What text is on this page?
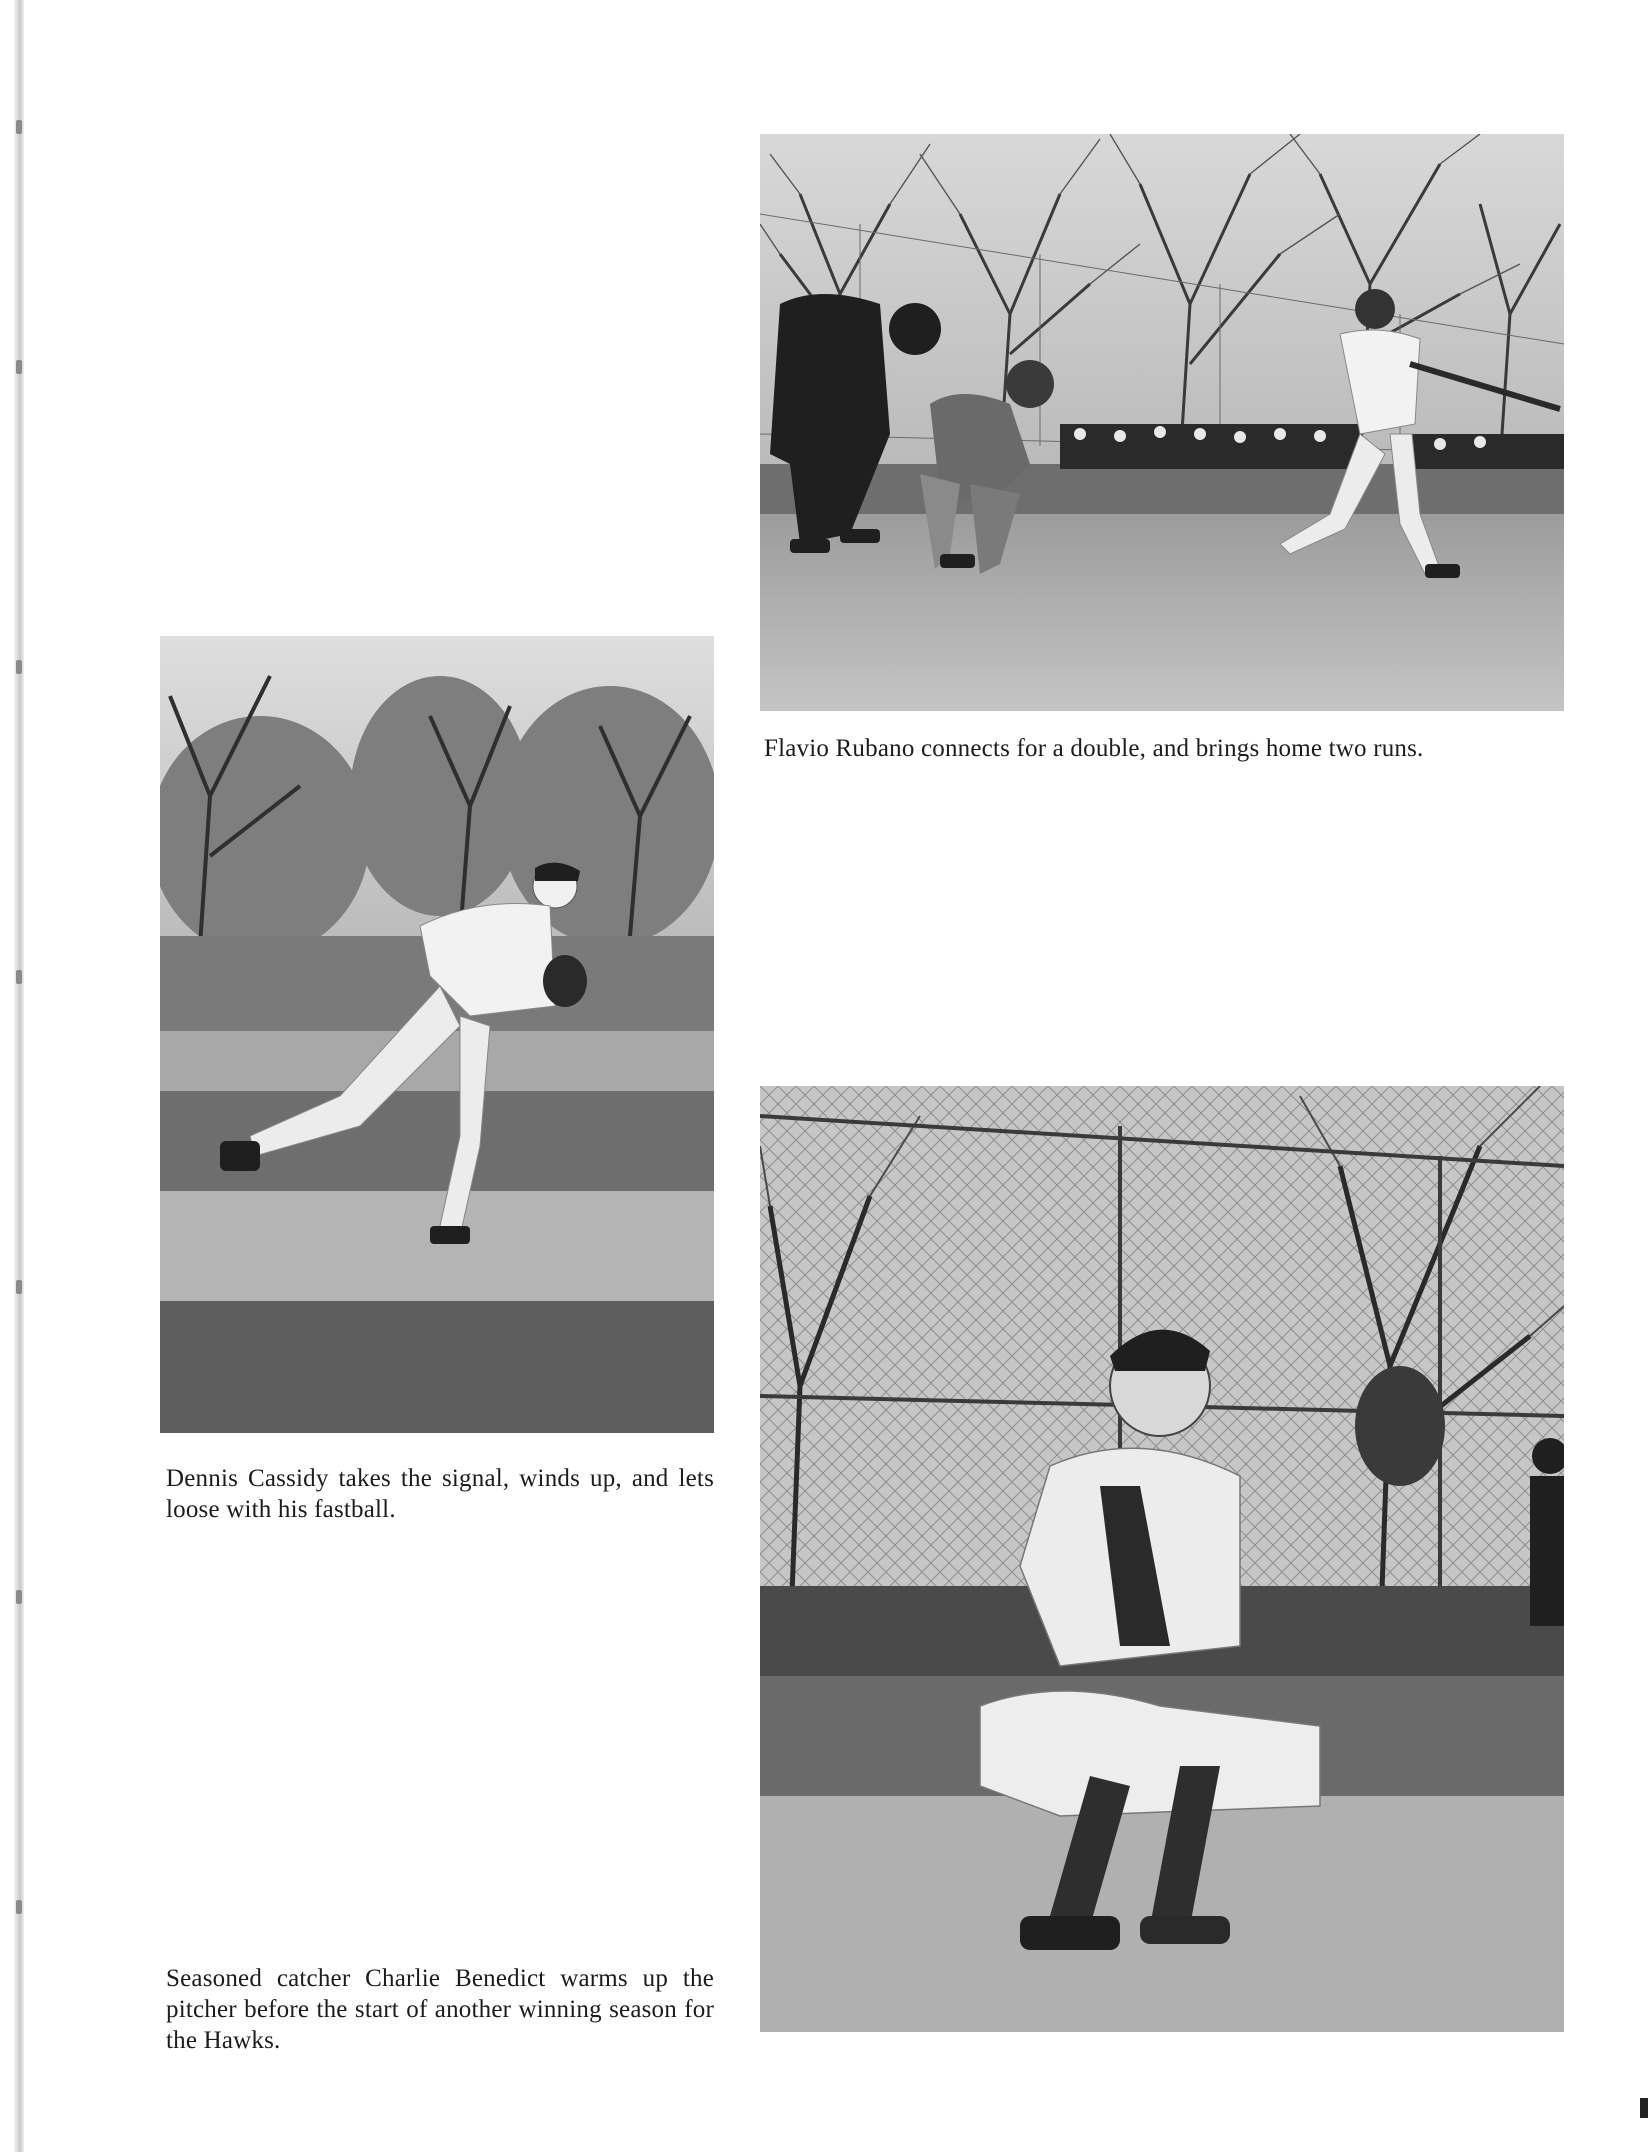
Flavio Rubano connects for a double, and brings home two runs.
Dennis Cassidy takes the signal, winds up, and lets loose with his fastball.
Seasoned catcher Charlie Benedict warms up the pitcher before the start of another winning season for the Hawks.
